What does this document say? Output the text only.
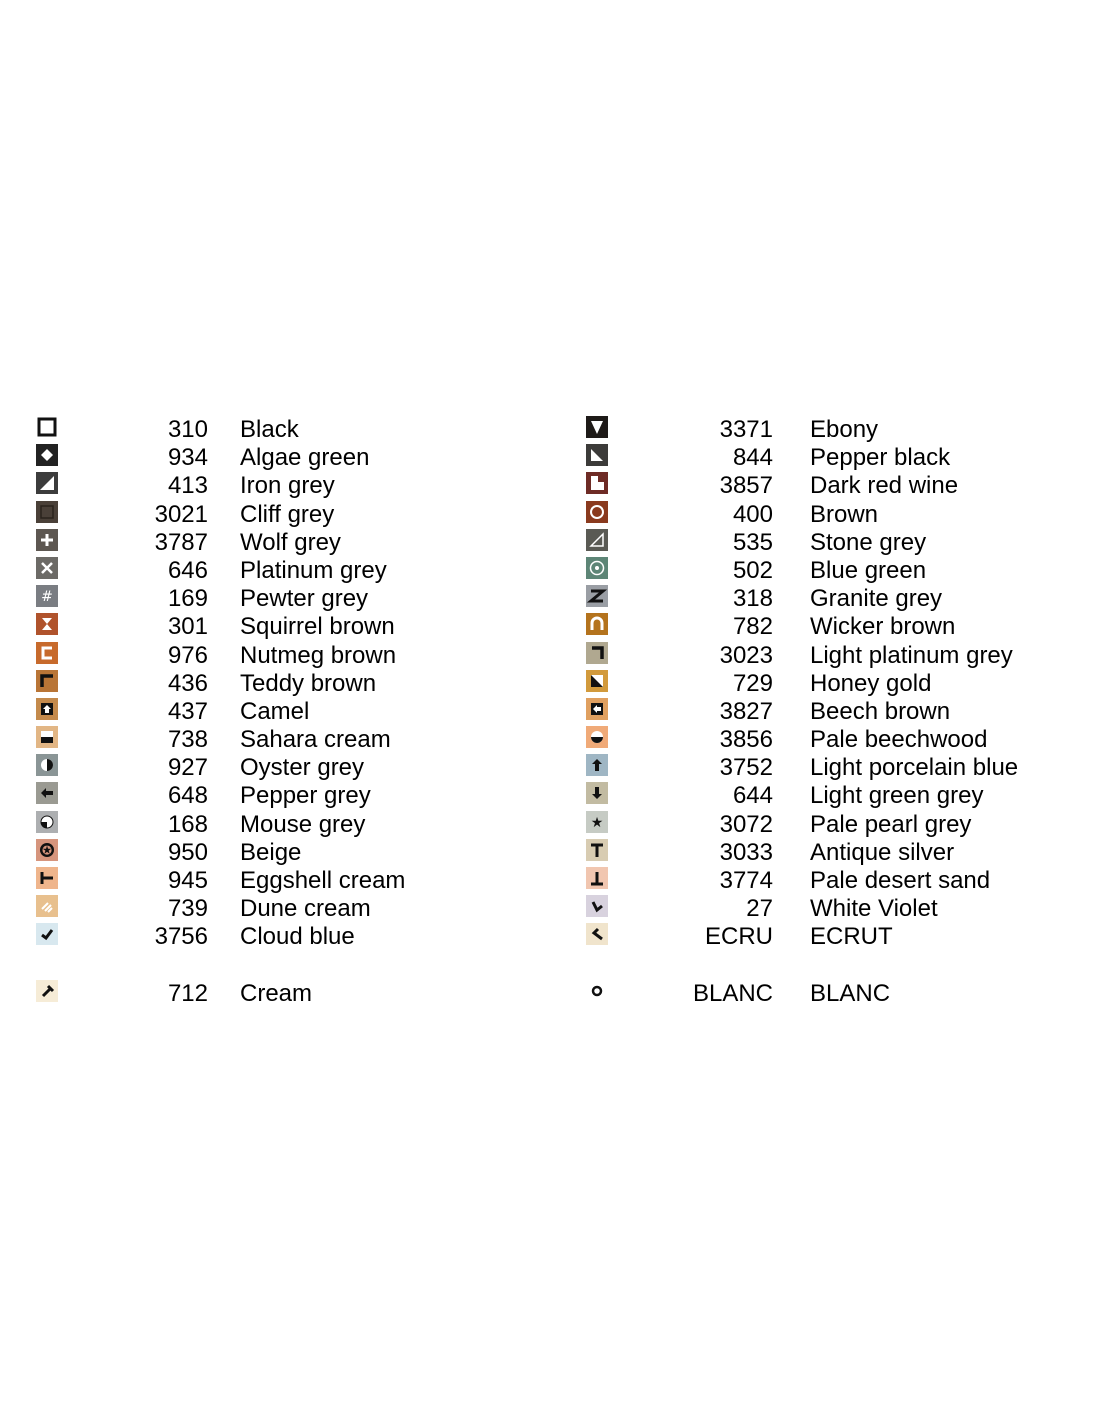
310 Black
934 Algae green
413 Iron grey
3021 Cliff grey
3787 Wolf grey
646 Platinum grey
#	169 Pewter grey
301 Squirrel brown
976 Nutmeg brown
436 Teddy brown
437 Camel
738 Sahara cream
927 Oyster grey
648 Pepper grey
168 Mouse grey
✪	950 Beige
945 Eggshell cream
739 Dune cream
3756 Cloud blue
712 Cream
3371 Ebony
844 Pepper black
3857 Dark red wine
400 Brown
535 Stone grey
502 Blue green
318 Granite grey
782 Wicker brown
3023 Light platinum grey
729 Honey gold
3827 Beech brown
3856 Pale beechwood
3752 Light porcelain blue
644 Light green grey
★	3072 Pale pearl grey
3033 Antique silver
3774 Pale desert sand
27 White Violet
ECRU ECRUT
BLANC BLANC
